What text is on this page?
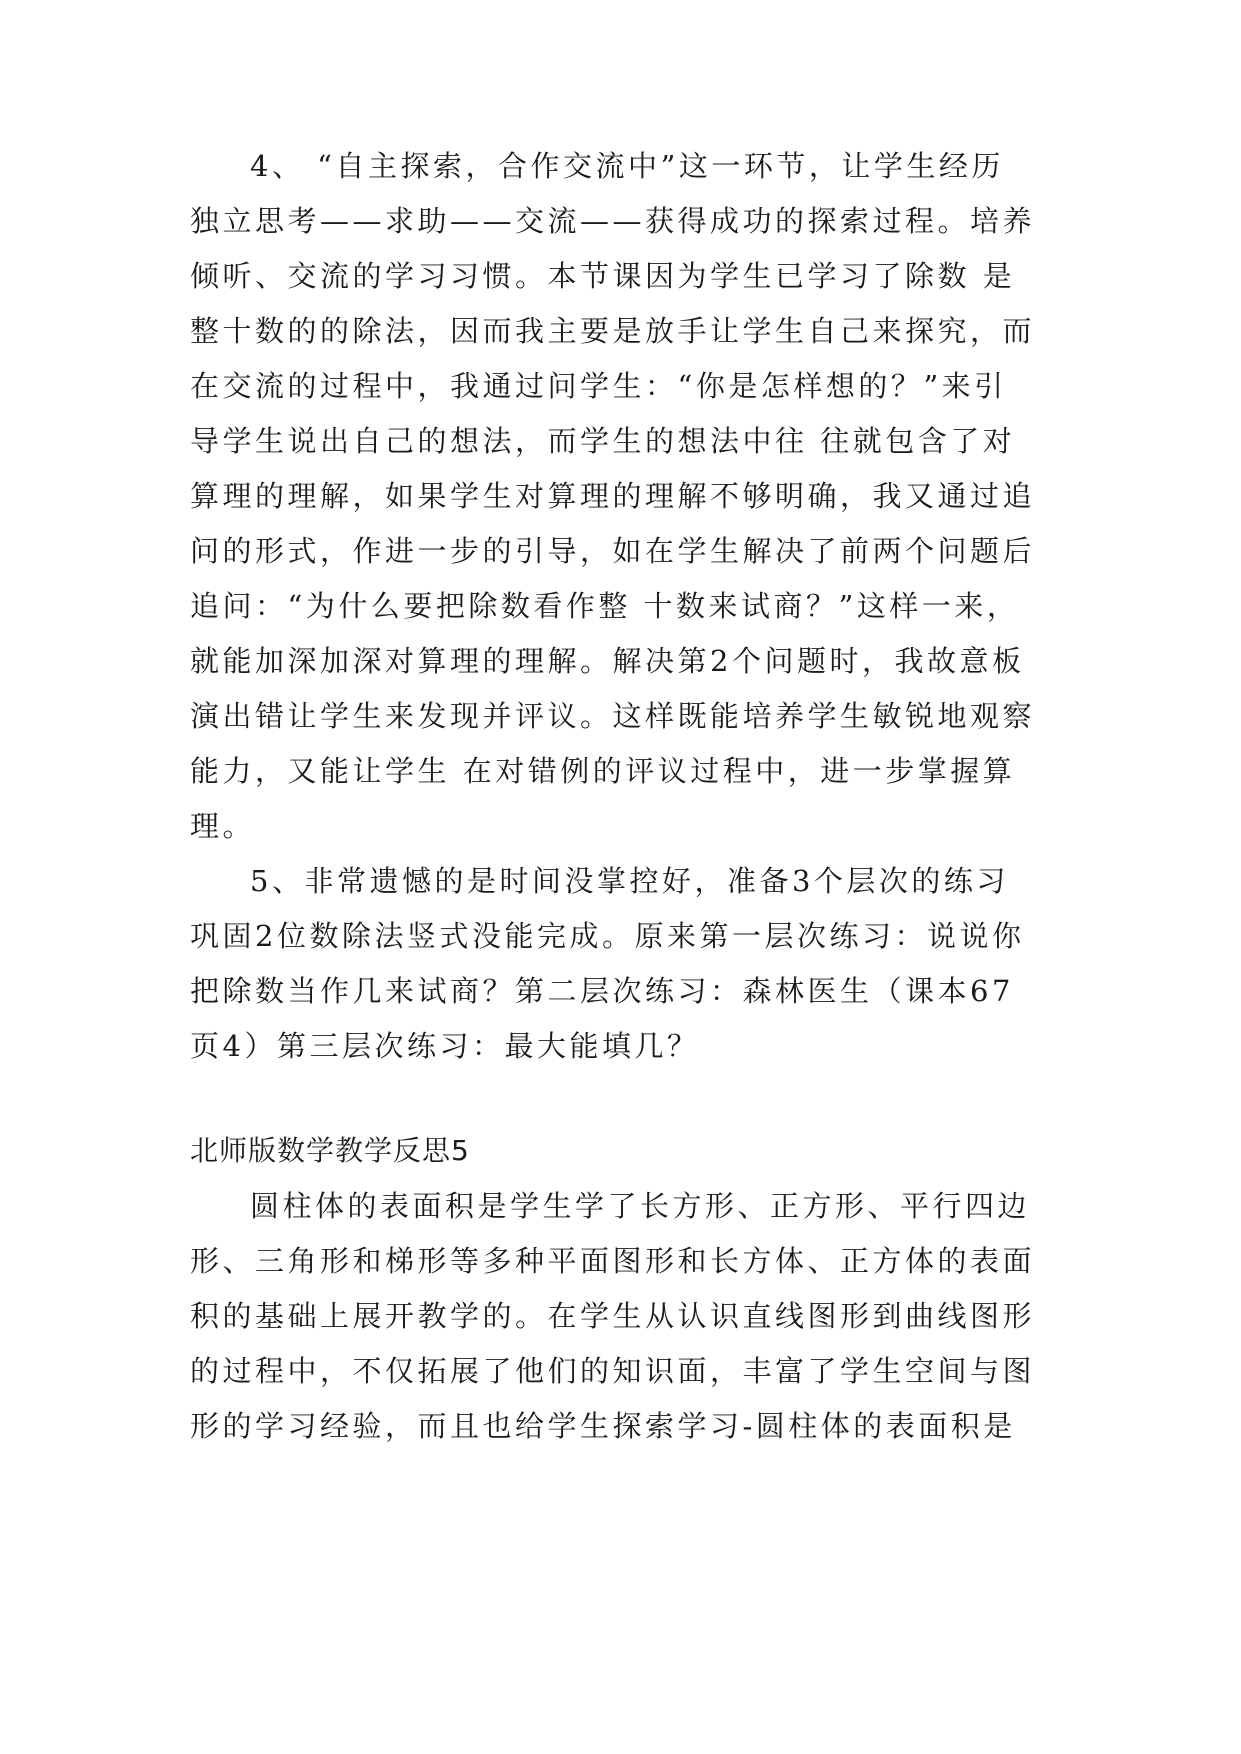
4、 “自主探索，合作交流中”这一环节，让学生经历
独立思考——求助——交流——获得成功的探索过程。培养
倾听、交流的学习习惯。本节课因为学生已学习了除数 是
整十数的的除法，因而我主要是放手让学生自己来探究，而
在交流的过程中，我通过问学生：“你是怎样想的？”来引
导学生说出自己的想法，而学生的想法中往 往就包含了对
算理的理解，如果学生对算理的理解不够明确，我又通过追
问的形式，作进一步的引导，如在学生解决了前两个问题后
追问：“为什么要把除数看作整 十数来试商？”这样一来，
就能加深加深对算理的理解。解决第2个问题时，我故意板
演出错让学生来发现并评议。这样既能培养学生敏锐地观察
能力，又能让学生 在对错例的评议过程中，进一步掌握算
理。
5、非常遗憾的是时间没掌控好，准备3个层次的练习
巩固2位数除法竖式没能完成。原来第一层次练习：说说你
把除数当作几来试商？第二层次练习：森林医生（课本67
页4）第三层次练习：最大能填几？
北师版数学教学反思5
圆柱体的表面积是学生学了长方形、正方形、平行四边
形、三角形和梯形等多种平面图形和长方体、正方体的表面
积的基础上展开教学的。在学生从认识直线图形到曲线图形
的过程中，不仅拓展了他们的知识面，丰富了学生空间与图
形的学习经验，而且也给学生探索学习-圆柱体的表面积是
